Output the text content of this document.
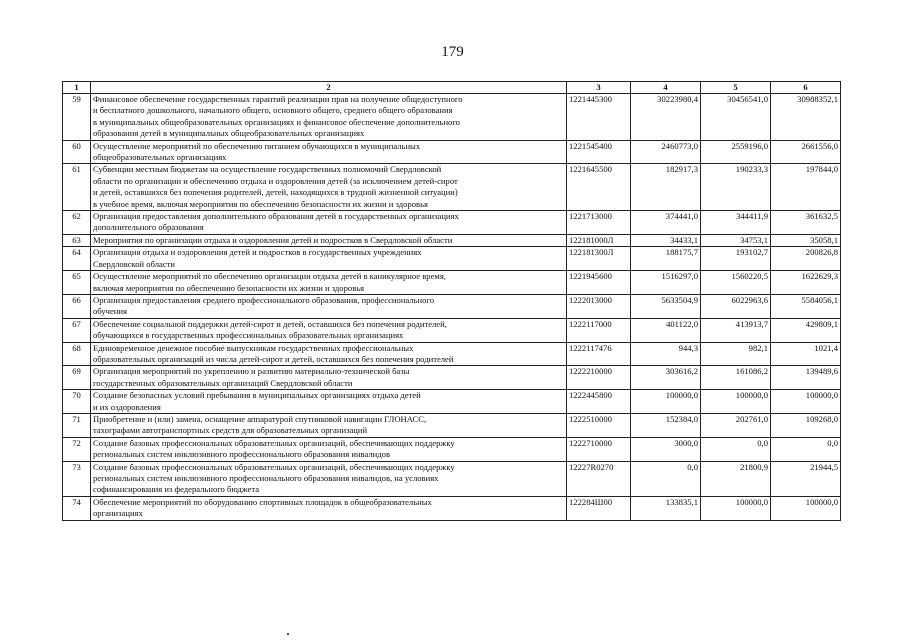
179
1	2	3	4	5	6
59	Финансовое обеспечение государственных гарантий реализации прав на получение общедоступного
и бесплатного дошкольного, начального общего, основного общего, среднего общего образования
в муниципальных общеобразовательных организациях и финансовое обеспечение дополнительного
образования детей в муниципальных общеобразовательных организациях	1221445300	30223980,4	30456541,0	30988352,1
60	Осуществление мероприятий по обеспечению питанием обучающихся в муниципальных
общеобразовательных организациях	1221545400	2460773,0	2559196,0	2661556,0
61	Субвенции местным бюджетам на осуществление государственных полномочий Свердловской
области по организации и обеспечению отдыха и оздоровления детей (за исключением детей-сирот
и детей, оставшихся без попечения родителей, детей, находящихся в трудной жизненной ситуации)
в учебное время, включая мероприятия по обеспечению безопасности их жизни и здоровья	1221645500	182917,3	190233,3	197844,0
62	Организация предоставления дополнительного образования детей в государственных организациях
дополнительного образования	1221713000	374441,0	344411,9	361632,5
63	Мероприятия по организации отдыха и оздоровления детей и подростков в Свердловской области	122181000Л	34433,1	34753,1	35058,1
64	Организация отдыха и оздоровления детей и подростков в государственных учреждениях
Свердловской области	122181300Л	188175,7	193102,7	200826,8
65	Осуществление мероприятий по обеспечению организации отдыха детей в каникулярное время,
включая мероприятия по обеспечению безопасности их жизни и здоровья	1221945600	1516297,0	1560220,5	1622629,3
66	Организация предоставления среднего профессионального образования, профессионального
обучения	1222013000	5633504,9	6022963,6	5584056,1
67	Обеспечение социальной поддержки детей-сирот и детей, оставшихся без попечения родителей,
обучающихся в государственных профессиональных образовательных организациях	1222117000	401122,0	413913,7	429809,1
68	Единовременное денежное пособие выпускникам государственных профессиональных
образовательных организаций из числа детей-сирот и детей, оставшихся без попечения родителей	1222117476	944,3	982,1	1021,4
69	Организация мероприятий по укреплению и развитию материально-технической базы
государственных образовательных организаций Свердловской области	1222210000	303616,2	161086,2	139489,6
70	Создание безопасных условий пребывания в муниципальных организациях отдыха детей
и их оздоровления	1222445800	100000,0	100000,0	100000,0
71	Приобретение и (или) замена, оснащение аппаратурой спутниковой навигации ГЛОНАСС,
тахографами автотранспортных средств для образовательных организаций	1222510000	152384,0	202761,0	109268,0
72	Создание базовых профессиональных образовательных организаций, обеспечивающих поддержку
региональных систем инклюзивного профессионального образования инвалидов	1222710000	3000,0	0,0	0,0
73	Создание базовых профессиональных образовательных организаций, обеспечивающих поддержку
региональных систем инклюзивного профессионального образования инвалидов, на условиях
софинансирования из федерального бюджета	12227R0270	0,0	21800,9	21944,5
74	Обеспечение мероприятий по оборудованию спортивных площадок в общеобразовательных
организациях	122284Ш00	133835,1	100000,0	100000,0
